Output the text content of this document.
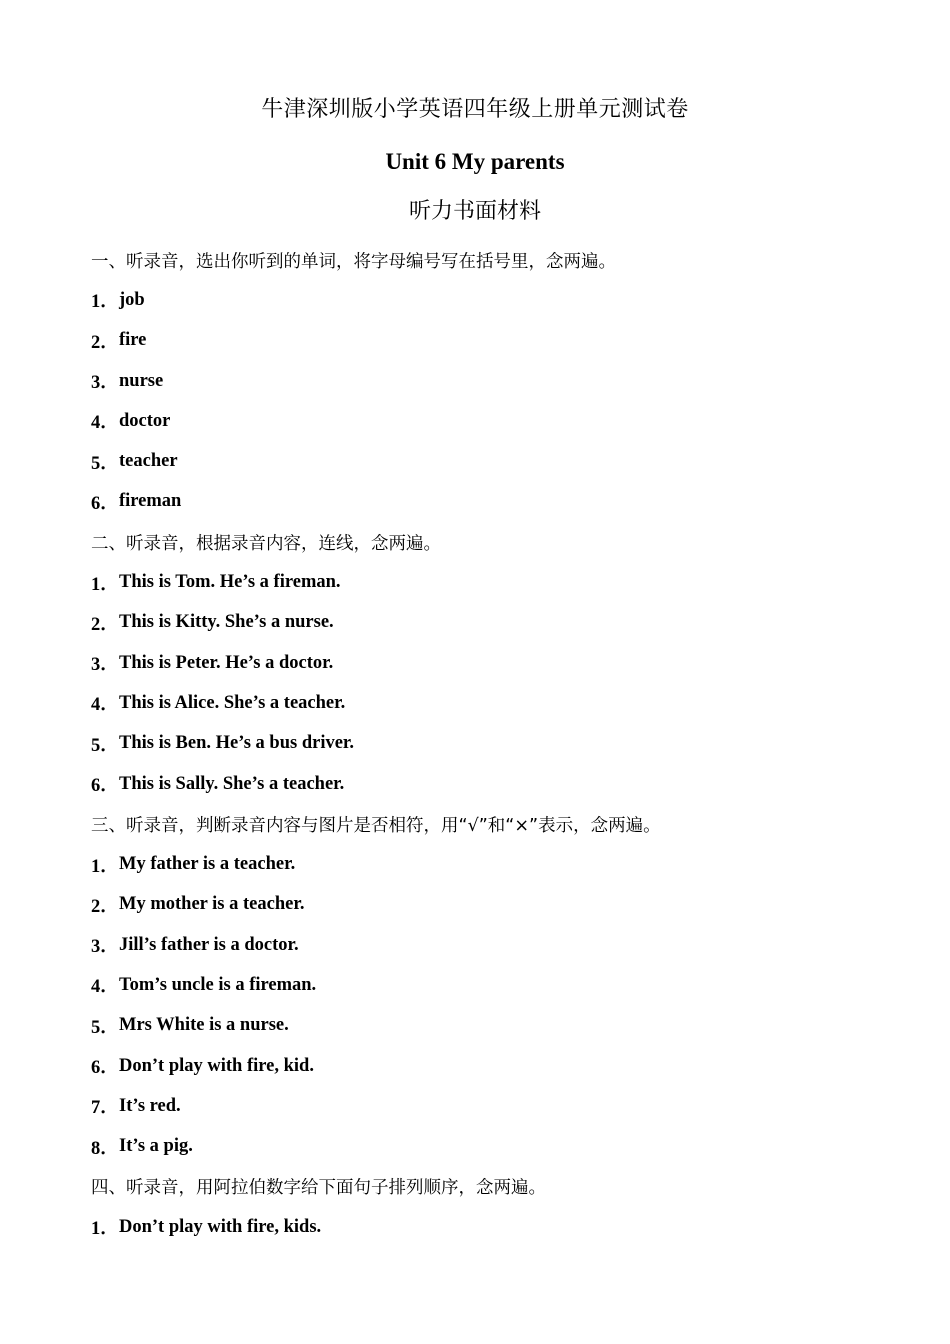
牛津深圳版小学英语四年级上册单元测试卷
Unit 6 My parents
听力书面材料
一、听录音，选出你听到的单词，将字母编号写在括号里，念两遍。
1． job
2． fire
3． nurse
4． doctor
5． teacher
6． fireman
二、听录音，根据录音内容，连线，念两遍。
1． This is Tom. He’s a fireman.
2． This is Kitty. She’s a nurse.
3． This is Peter. He’s a doctor.
4． This is Alice. She’s a teacher.
5． This is Ben. He’s a bus driver.
6． This is Sally. She’s a teacher.
三、听录音，判断录音内容与图片是否相符，用“√”和“×”表示，念两遍。
1． My father is a teacher.
2． My mother is a teacher.
3． Jill’s father is a doctor.
4． Tom’s uncle is a fireman.
5． Mrs White is a nurse.
6． Don’t play with fire, kid.
7． It’s red.
8． It’s a pig.
四、听录音，用阿拉伯数字给下面句子排列顺序，念两遍。
1． Don’t play with fire, kids.
